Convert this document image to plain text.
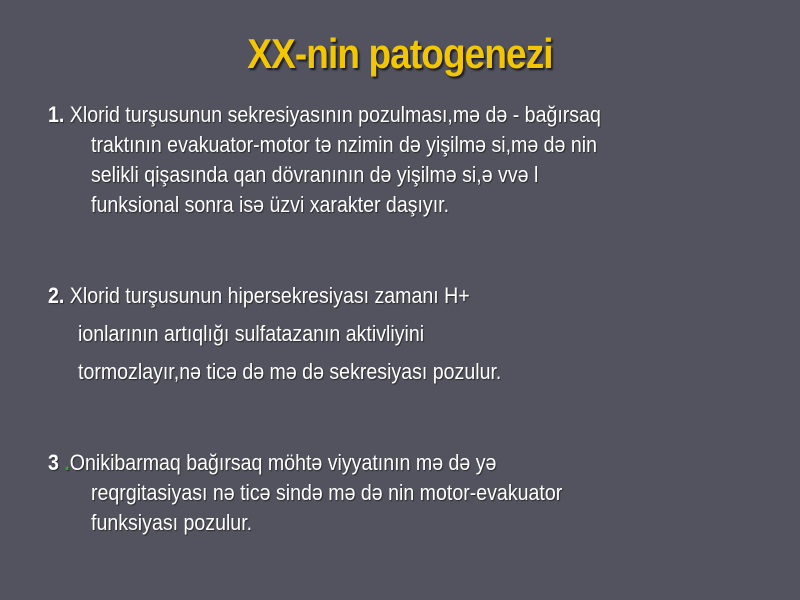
XX-nin patogenezi
1. Xlorid turşusunun sekresiyasının pozulması,mə də - bağırsaq
traktının evakuator-motor tə nzimin də yişilmə si,mə də nin
selikli qişasında qan dövranının də yişilmə si,ə vvə l
funksional sonra isə üzvi xarakter daşıyır.
2. Xlorid turşusunun hipersekresiyası zamanı H+
ionlarının artıqlığı sulfatazanın aktivliyini
tormozlayır,nə ticə də mə də sekresiyası pozulur.
3 .Onikibarmaq bağırsaq möhtə viyyatının mə də yə
reqrgitasiyası nə ticə sində mə də nin motor-evakuator
funksiyası pozulur.
